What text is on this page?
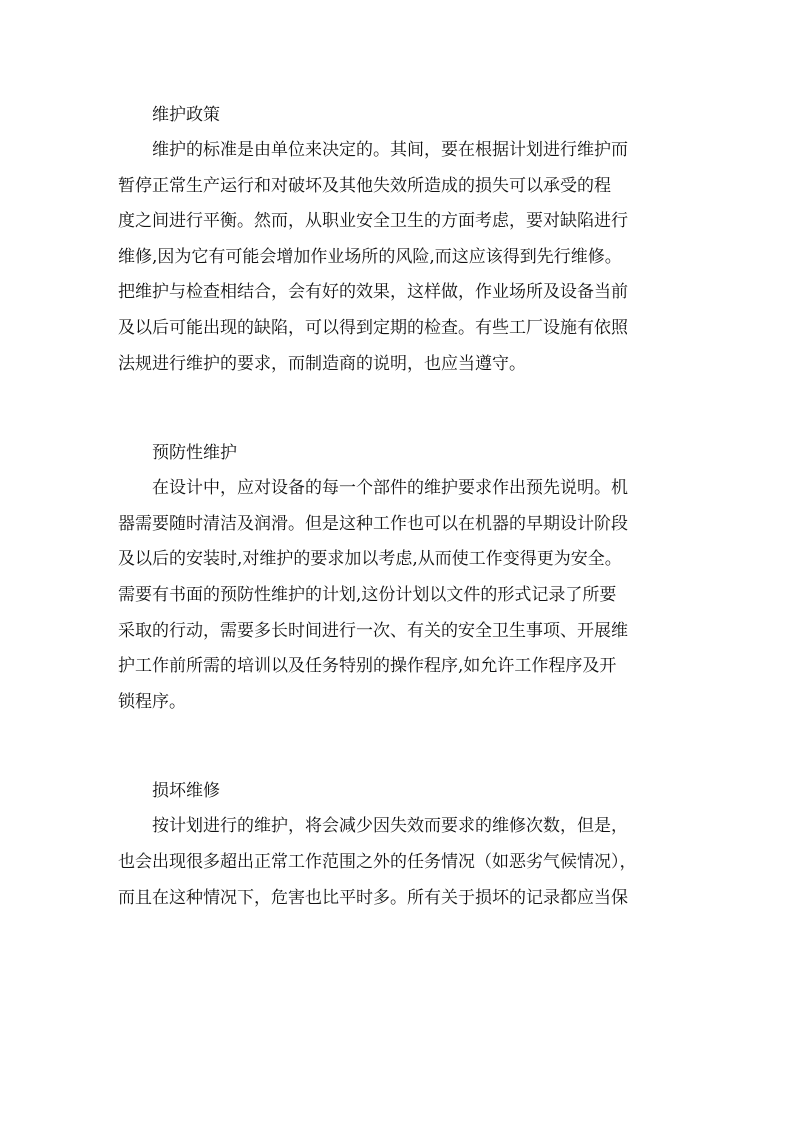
维护政策

维护的标准是由单位来决定的。其间，要在根据计划进行维护而
暂停正常生产运行和对破坏及其他失效所造成的损失可以承受的程
度之间进行平衡。然而，从职业安全卫生的方面考虑，要对缺陷进行
维修,因为它有可能会增加作业场所的风险,而这应该得到先行维修。
把维护与检查相结合，会有好的效果，这样做，作业场所及设备当前
及以后可能出现的缺陷，可以得到定期的检查。有些工厂设施有依照
法规进行维护的要求，而制造商的说明，也应当遵守。

预防性维护

在设计中，应对设备的每一个部件的维护要求作出预先说明。机
器需要随时清洁及润滑。但是这种工作也可以在机器的早期设计阶段
及以后的安装时,对维护的要求加以考虑,从而使工作变得更为安全。
需要有书面的预防性维护的计划,这份计划以文件的形式记录了所要
采取的行动，需要多长时间进行一次、有关的安全卫生事项、开展维
护工作前所需的培训以及任务特别的操作程序,如允许工作程序及开
锁程序。

损坏维修

按计划进行的维护，将会减少因失效而要求的维修次数，但是，
也会出现很多超出正常工作范围之外的任务情况（如恶劣气候情况），
而且在这种情况下，危害也比平时多。所有关于损坏的记录都应当保
